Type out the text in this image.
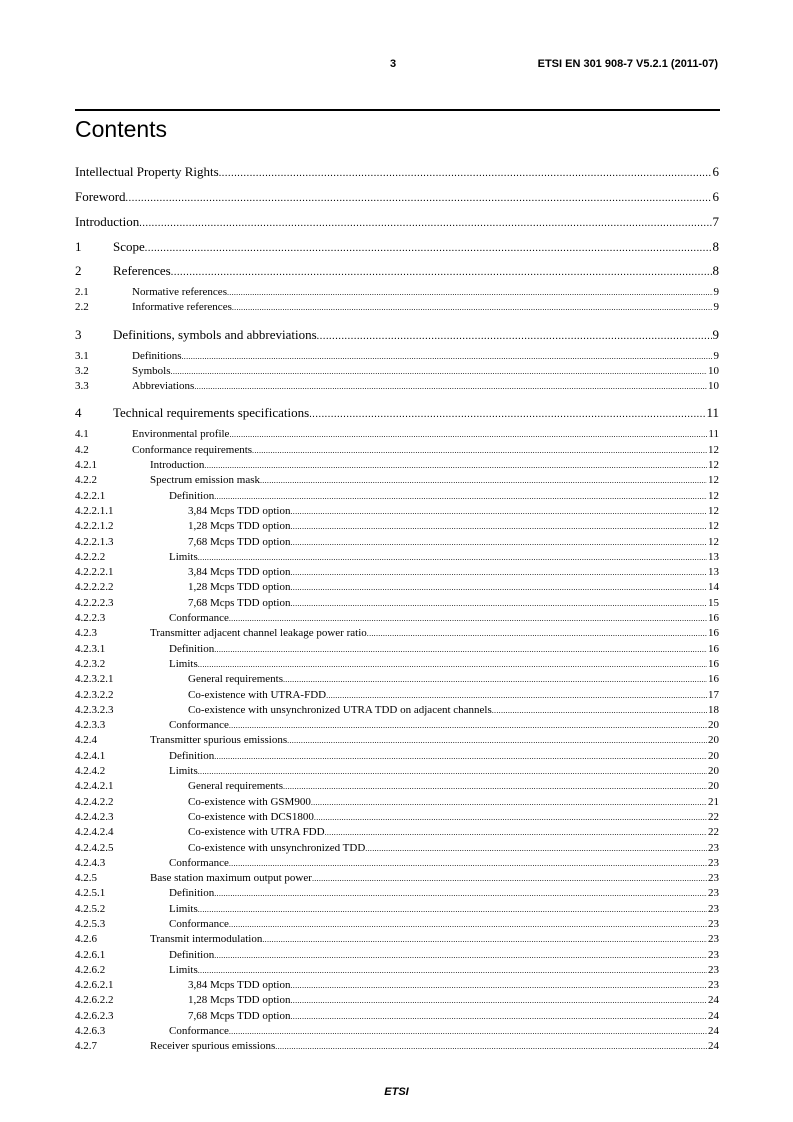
3	ETSI EN 301 908-7 V5.2.1 (2011-07)
Contents
Intellectual Property Rights .....	6
Foreword .....	6
Introduction .....	7
1	Scope .....	8
2	References .....	8
2.1	Normative references .....	9
2.2	Informative references .....	9
3	Definitions, symbols and abbreviations .....	9
3.1	Definitions .....	9
3.2	Symbols .....	10
3.3	Abbreviations .....	10
4	Technical requirements specifications .....	11
4.1	Environmental profile .....	11
4.2	Conformance requirements .....	12
4.2.1	Introduction .....	12
4.2.2	Spectrum emission mask .....	12
4.2.2.1	Definition .....	12
4.2.2.1.1	3,84 Mcps TDD option .....	12
4.2.2.1.2	1,28 Mcps TDD option .....	12
4.2.2.1.3	7,68 Mcps TDD option .....	12
4.2.2.2	Limits .....	13
4.2.2.2.1	3,84 Mcps TDD option .....	13
4.2.2.2.2	1,28 Mcps TDD option .....	14
4.2.2.2.3	7,68 Mcps TDD option .....	15
4.2.2.3	Conformance .....	16
4.2.3	Transmitter adjacent channel leakage power ratio .....	16
4.2.3.1	Definition .....	16
4.2.3.2	Limits .....	16
4.2.3.2.1	General requirements .....	16
4.2.3.2.2	Co-existence with UTRA-FDD .....	17
4.2.3.2.3	Co-existence with unsynchronized UTRA TDD on adjacent channels .....	18
4.2.3.3	Conformance .....	20
4.2.4	Transmitter spurious emissions .....	20
4.2.4.1	Definition .....	20
4.2.4.2	Limits .....	20
4.2.4.2.1	General requirements .....	20
4.2.4.2.2	Co-existence with GSM900 .....	21
4.2.4.2.3	Co-existence with DCS1800 .....	22
4.2.4.2.4	Co-existence with UTRA FDD .....	22
4.2.4.2.5	Co-existence with unsynchronized TDD .....	23
4.2.4.3	Conformance .....	23
4.2.5	Base station maximum output power .....	23
4.2.5.1	Definition .....	23
4.2.5.2	Limits .....	23
4.2.5.3	Conformance .....	23
4.2.6	Transmit intermodulation .....	23
4.2.6.1	Definition .....	23
4.2.6.2	Limits .....	23
4.2.6.2.1	3,84 Mcps TDD option .....	23
4.2.6.2.2	1,28 Mcps TDD option .....	24
4.2.6.2.3	7,68 Mcps TDD option .....	24
4.2.6.3	Conformance .....	24
4.2.7	Receiver spurious emissions .....	24
ETSI
